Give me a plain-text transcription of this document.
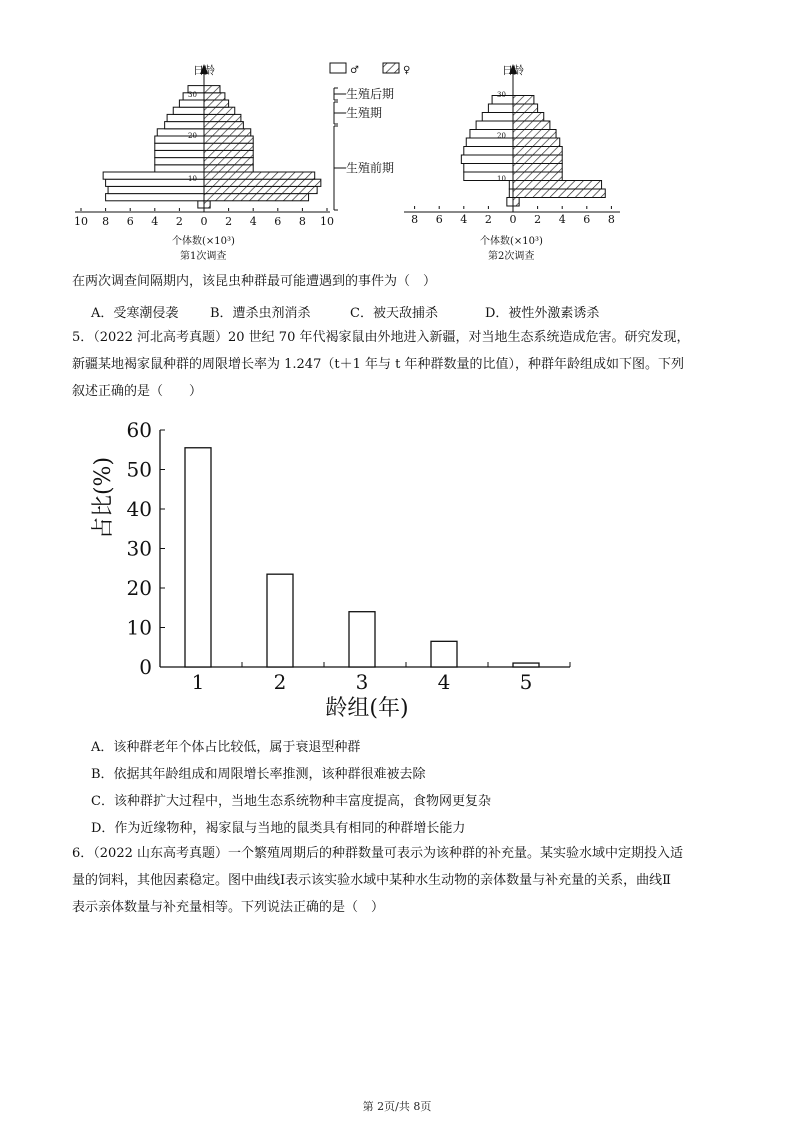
♂	♀
日龄
个体数(×10³)
第1次调查
10 8 6 4 2 0 2 4 6 8 10
10
20
30	生殖后期
生殖期
生殖前期
日龄
个体数(×10³)
第2次调查
8 6 4 2 0 2 4 6 8
10
20
30
在两次调查间隔期内，该昆虫种群最可能遭遇到的事件为（　）
A．受寒潮侵袭 B．遭杀虫剂消杀	C．被天敌捕杀	D．被性外激素诱杀
5．（2022 河北高考真题）20 世纪 70 年代褐家鼠由外地进入新疆，对当地生态系统造成危害。研究发现，
新疆某地褐家鼠种群的周限增长率为 1.247（t＋1 年与 t 年种群数量的比值），种群年龄组成如下图。下列
叙述正确的是（　　）
0
10
20
30
40
50
60
1	2	3	4	5
占比(%)
龄组(年)
A．该种群老年个体占比较低，属于衰退型种群
B．依据其年龄组成和周限增长率推测，该种群很难被去除
C．该种群扩大过程中，当地生态系统物种丰富度提高，食物网更复杂
D．作为近缘物种，褐家鼠与当地的鼠类具有相同的种群增长能力
6．（2022 山东高考真题）一个繁殖周期后的种群数量可表示为该种群的补充量。某实验水域中定期投入适
量的饲料，其他因素稳定。图中曲线Ⅰ表示该实验水域中某种水生动物的亲体数量与补充量的关系，曲线Ⅱ
表示亲体数量与补充量相等。下列说法正确的是（　）
第 2页/共 8页
